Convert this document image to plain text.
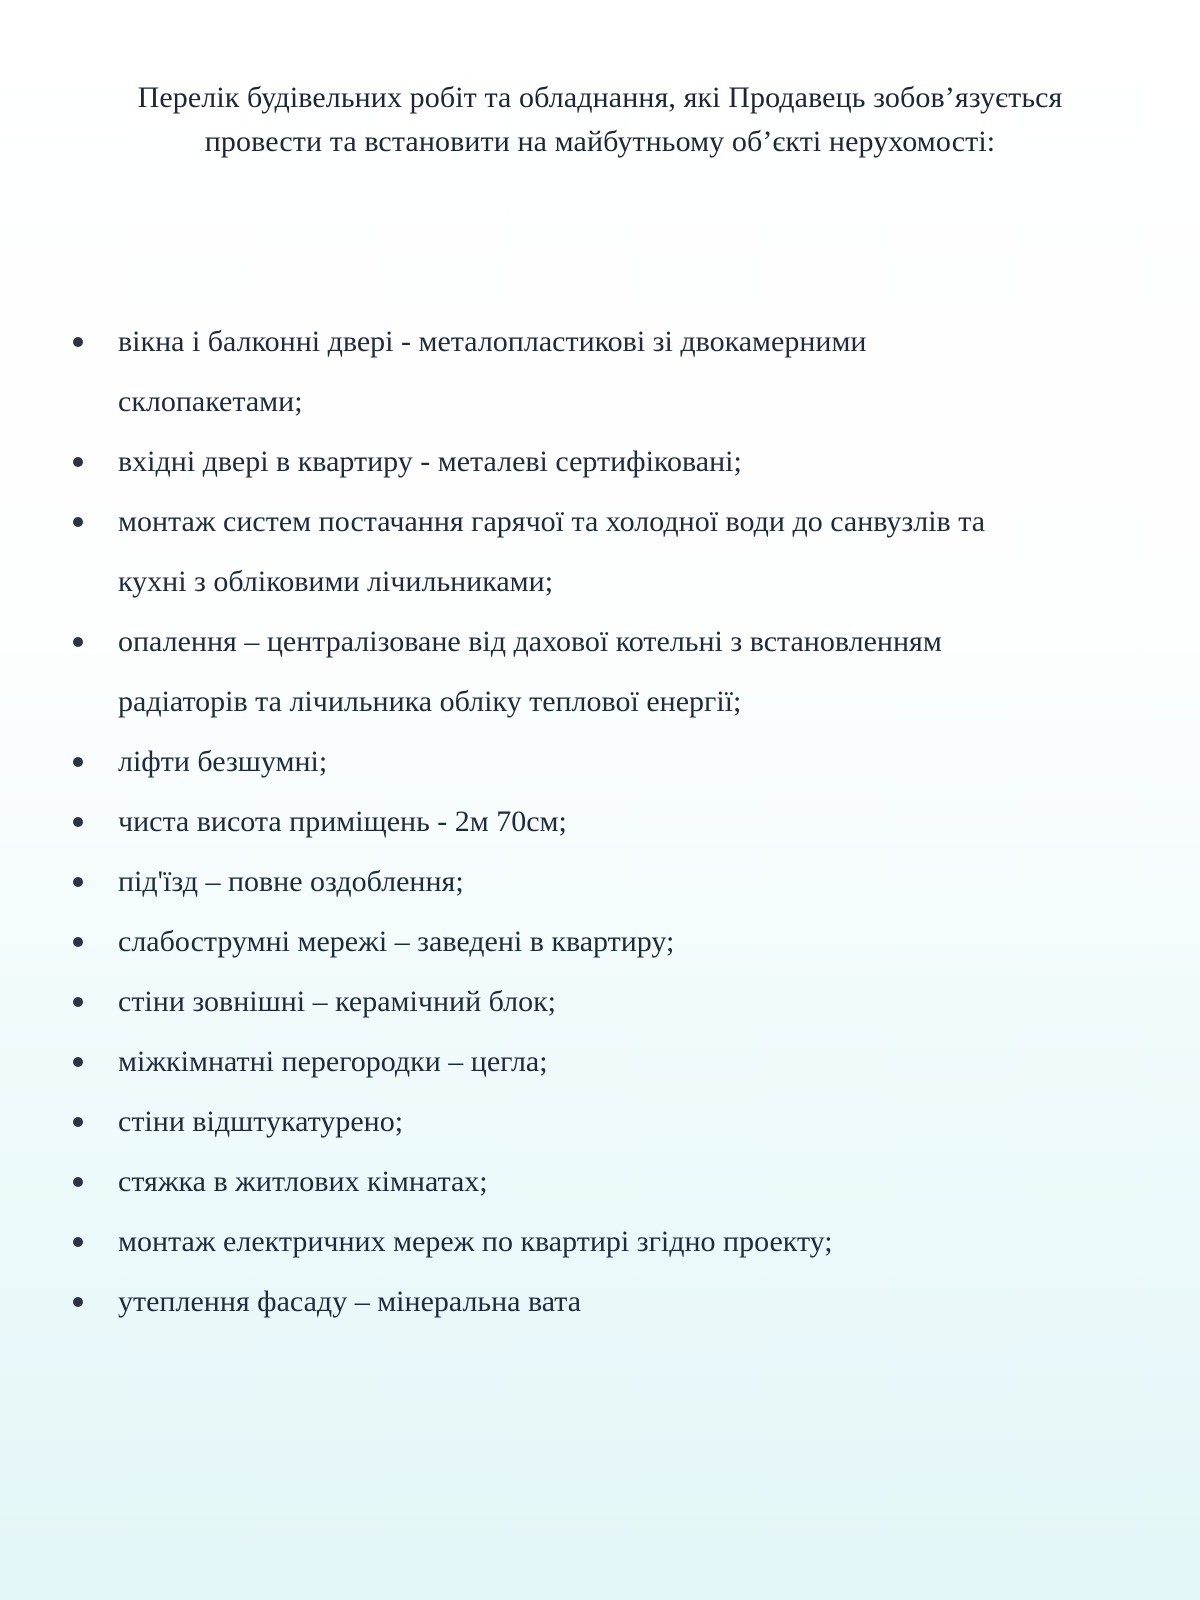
Перелік будівельних робіт та обладнання, які Продавець зобов’язується
провести та встановити на майбутньому об’єкті нерухомості:
вікна і балконні двері - металопластикові зі двокамерними
склопакетами;
вхідні двері в квартиру - металеві сертифіковані;
монтаж систем постачання гарячої та холодної води до санвузлів та
кухні з обліковими лічильниками;
опалення – централізоване від дахової котельні з встановленням
радіаторів та лічильника обліку теплової енергії;
ліфти безшумні;
чиста висота приміщень - 2м 70см;
під'їзд – повне оздоблення;
слабострумні мережі – заведені в квартиру;
стіни зовнішні – керамічний блок;
міжкімнатні перегородки – цегла;
стіни відштукатурено;
стяжка в житлових кімнатах;
монтаж електричних мереж по квартирі згідно проекту;
утеплення фасаду – мінеральна вата
